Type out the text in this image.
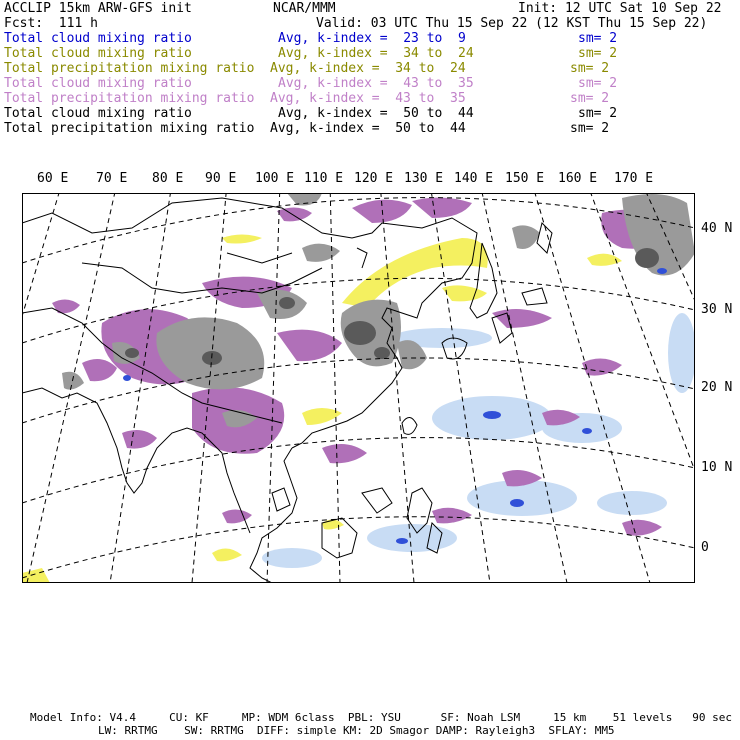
ACCLIP 15km ARW-GFS init	NCAR/MMM	Init: 12 UTC Sat 10 Sep 22
Fcst:  111 h	Valid: 03 UTC Thu 15 Sep 22 (12 KST Thu 15 Sep 22)
Total cloud mixing ratio	Avg, k-index =  23 to  9	sm= 2
Total cloud mixing ratio	Avg, k-index =  34 to  24	sm= 2
Total precipitation mixing ratio Avg, k-index =  34 to  24	sm= 2
Total cloud mixing ratio	Avg, k-index =  43 to  35	sm= 2
Total precipitation mixing ratio Avg, k-index =  43 to  35	sm= 2
Total cloud mixing ratio	Avg, k-index =  50 to  44	sm= 2
Total precipitation mixing ratio Avg, k-index =  50 to  44	sm= 2
60 E 70 E 80 E 90 E 100 E 110 E 120 E 130 E 140 E 150 E 160 E 170 E
40 N
30 N
20 N
10 N
0
Model Info: V4.4     CU: KF     MP: WDM 6class  PBL: YSU      SF: Noah LSM     15 km    51 levels   90 sec
LW: RRTMG    SW: RRTMG  DIFF: simple KM: 2D Smagor DAMP: Rayleigh3  SFLAY: MM5
